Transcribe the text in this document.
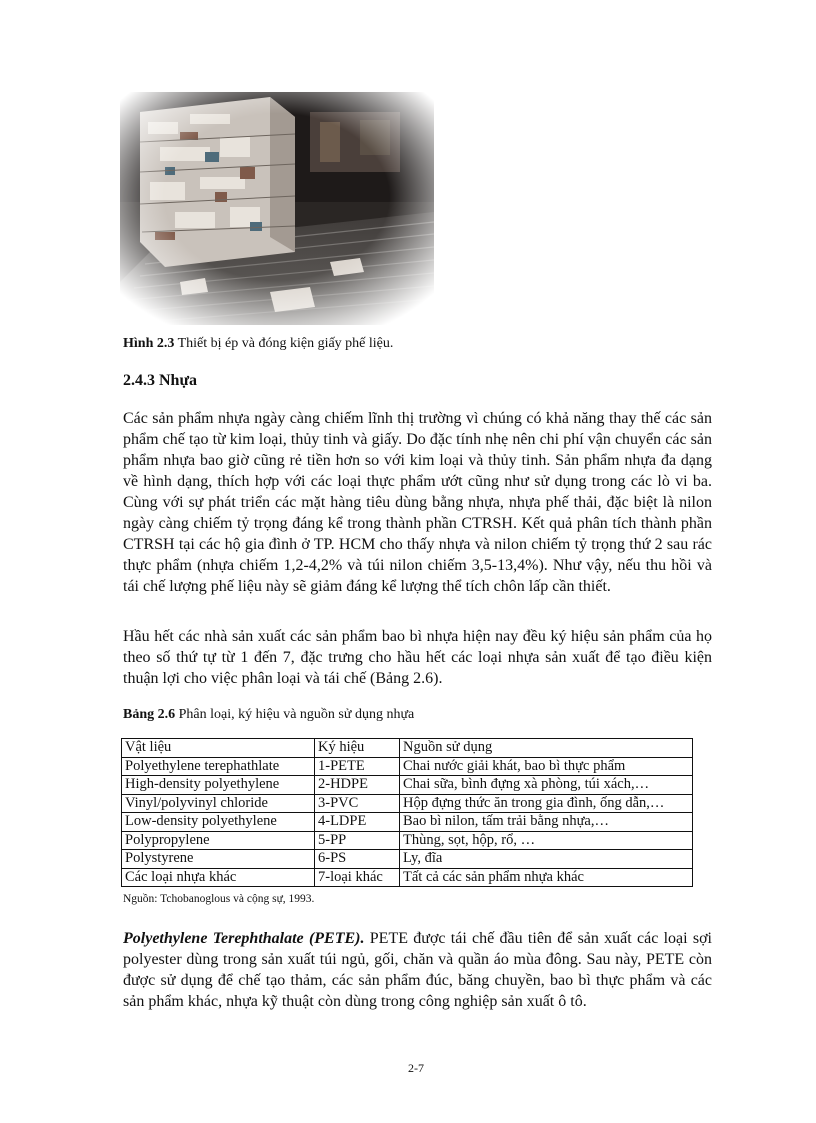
Hình 2.3 Thiết bị ép và đóng kiện giấy phế liệu.
2.4.3 Nhựa

Các sản phẩm nhựa ngày càng chiếm lĩnh thị trường vì chúng có khả năng thay thế các sản phẩm chế tạo từ kim loại, thủy tinh và giấy. Do đặc tính nhẹ nên chi phí vận chuyển các sản phẩm nhựa bao giờ cũng rẻ tiền hơn so với kim loại và thủy tinh. Sản phẩm nhựa đa dạng về hình dạng, thích hợp với các loại thực phẩm ướt cũng như sử dụng trong các lò vi ba. Cùng với sự phát triển các mặt hàng tiêu dùng bằng nhựa, nhựa phế thải, đặc biệt là nilon ngày càng chiếm tỷ trọng đáng kể trong thành phần CTRSH. Kết quả phân tích thành phần CTRSH tại các hộ gia đình ở TP. HCM cho thấy nhựa và nilon chiếm tỷ trọng thứ 2 sau rác thực phẩm (nhựa chiếm 1,2-4,2% và túi nilon chiếm 3,5-13,4%). Như vậy, nếu thu hồi và tái chế lượng phế liệu này sẽ giảm đáng kể lượng thể tích chôn lấp cần thiết.

Hầu hết các nhà sản xuất các sản phẩm bao bì nhựa hiện nay đều ký hiệu sản phẩm của họ theo số thứ tự từ 1 đến 7, đặc trưng cho hầu hết các loại nhựa sản xuất để tạo điều kiện thuận lợi cho việc phân loại và tái chế (Bảng 2.6).

Bảng 2.6 Phân loại, ký hiệu và nguồn sử dụng nhựa
Vật liệu	Ký hiệu	Nguồn sử dụng
Polyethylene terephathlate	1-PETE	Chai nước giải khát, bao bì thực phẩm
High-density polyethylene	2-HDPE	Chai sữa, bình đựng xà phòng, túi xách,…
Vinyl/polyvinyl chloride	3-PVC	Hộp đựng thức ăn trong gia đình, ống dẫn,…
Low-density polyethylene	4-LDPE	Bao bì nilon, tấm trải bằng nhựa,…
Polypropylene	5-PP	Thùng, sọt, hộp, rổ, …
Polystyrene	6-PS	Ly, đĩa
Các loại nhựa khác	7-loại khác	Tất cả các sản phẩm nhựa khác
Nguồn: Tchobanoglous và cộng sự, 1993.

Polyethylene Terephthalate (PETE). PETE được tái chế đầu tiên để sản xuất các loại sợi polyester dùng trong sản xuất túi ngủ, gối, chăn và quần áo mùa đông. Sau này, PETE còn được sử dụng để chế tạo thảm, các sản phẩm đúc, băng chuyền, bao bì thực phẩm và các sản phẩm khác, nhựa kỹ thuật còn dùng trong công nghiệp sản xuất ô tô.

2-7
